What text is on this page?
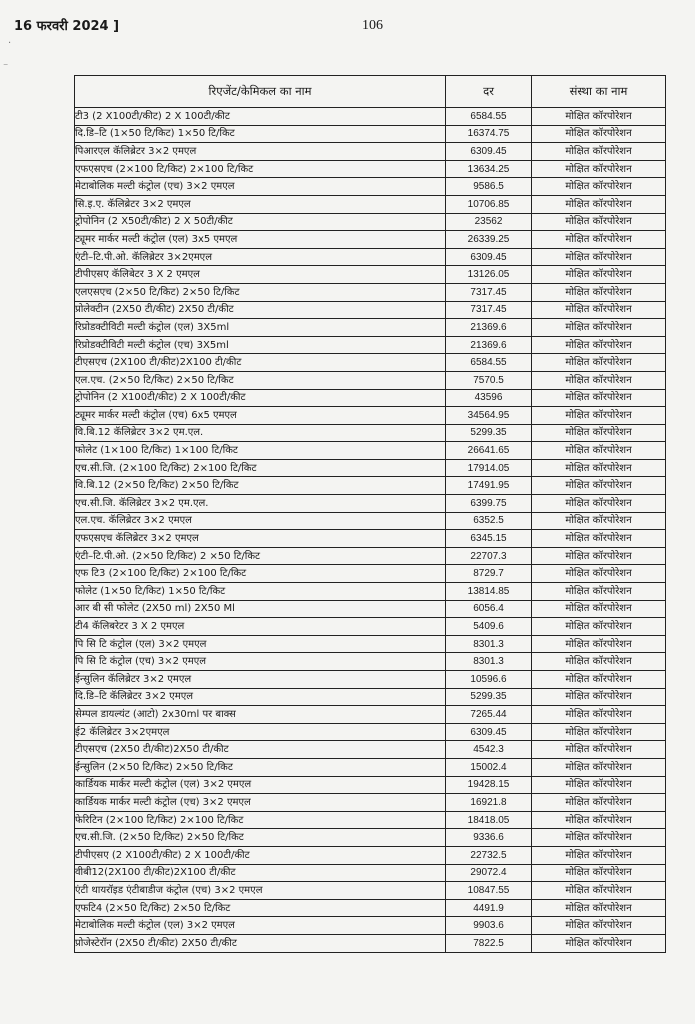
16 फरवरी 2024 ]	106
·
⁻
रिएजेंट/केमिकल का नाम	दर	संस्था का नाम
टी3 (2 X100टी/कीट) 2 X 100टी/कीट	6584.55	मोक्षित कॉरपोरेशन
दि.डि–टि (1×50 टि/किट) 1×50 टि/किट	16374.75	मोक्षित कॉरपोरेशन
पिआरएल कॅलिब्रेटर 3×2 एमएल	6309.45	मोक्षित कॉरपोरेशन
एफएसएच (2×100 टि/किट) 2×100 टि/किट	13634.25	मोक्षित कॉरपोरेशन
मेटाबोलिक मल्टी कंट्रोल (एच) 3×2 एमएल	9586.5	मोक्षित कॉरपोरेशन
सि.इ.ए. कॅलिब्रेटर 3×2 एमएल	10706.85	मोक्षित कॉरपोरेशन
ट्रोपोनिन (2 X50टी/कीट) 2 X 50टी/कीट	23562	मोक्षित कॉरपोरेशन
ट्यूमर मार्कर मल्टी कंट्रोल (एल) 3x5 एमएल	26339.25	मोक्षित कॉरपोरेशन
एंटी–टि.पी.ओ. कॅलिब्रेटर 3×2एमएल	6309.45	मोक्षित कॉरपोरेशन
टीपीएसए कॅलिबेटर 3 X 2 एमएल	13126.05	मोक्षित कॉरपोरेशन
एलएसएच (2×50 टि/किट) 2×50 टि/किट	7317.45	मोक्षित कॉरपोरेशन
प्रोलेक्टीन (2X50 टी/कीट) 2X50 टी/कीट	7317.45	मोक्षित कॉरपोरेशन
रिप्रोडक्टीविटी मल्टी कंट्रोल (एल) 3X5ml	21369.6	मोक्षित कॉरपोरेशन
रिप्रोडक्टीविटी मल्टी कंट्रोल (एच) 3X5ml	21369.6	मोक्षित कॉरपोरेशन
टीएसएच (2X100 टी/कीट)2X100 टी/कीट	6584.55	मोक्षित कॉरपोरेशन
एल.एच. (2×50 टि/किट) 2×50 टि/किट	7570.5	मोक्षित कॉरपोरेशन
ट्रोपोनिन (2 X100टी/कीट) 2 X 100टी/कीट	43596	मोक्षित कॉरपोरेशन
ट्यूमर मार्कर मल्टी कंट्रोल (एच) 6x5 एमएल	34564.95	मोक्षित कॉरपोरेशन
वि.बि.12 कॅलिब्रेटर 3×2 एम.एल.	5299.35	मोक्षित कॉरपोरेशन
फोलेट (1×100 टि/किट) 1×100 टि/किट	26641.65	मोक्षित कॉरपोरेशन
एच.सी.जि. (2×100 टि/किट) 2×100 टि/किट	17914.05	मोक्षित कॉरपोरेशन
वि.बि.12 (2×50 टि/किट) 2×50 टि/किट	17491.95	मोक्षित कॉरपोरेशन
एच.सी.जि. कॅलिब्रेटर 3×2 एम.एल.	6399.75	मोक्षित कॉरपोरेशन
एल.एच. कॅलिब्रेटर 3×2 एमएल	6352.5	मोक्षित कॉरपोरेशन
एफएसएच कॅलिब्रेटर 3×2 एमएल	6345.15	मोक्षित कॉरपोरेशन
एंटी–टि.पी.ओ. (2×50 टि/किट) 2 ×50 टि/किट	22707.3	मोक्षित कॉरपोरेशन
एफ टि3 (2×100 टि/किट) 2×100 टि/किट	8729.7	मोक्षित कॉरपोरेशन
फोलेट (1×50 टि/किट) 1×50 टि/किट	13814.85	मोक्षित कॉरपोरेशन
आर बी सी फोलेट (2X50 ml) 2X50 Ml	6056.4	मोक्षित कॉरपोरेशन
टी4 कॅलिबरेटर 3 X 2 एमएल	5409.6	मोक्षित कॉरपोरेशन
पि सि टि कंट्रोल (एल) 3×2 एमएल	8301.3	मोक्षित कॉरपोरेशन
पि सि टि कंट्रोल (एच) 3×2 एमएल	8301.3	मोक्षित कॉरपोरेशन
ईन्सुलिन कॅलिब्रेटर 3×2 एमएल	10596.6	मोक्षित कॉरपोरेशन
दि.डि–टि कॅलिब्रेटर 3×2 एमएल	5299.35	मोक्षित कॉरपोरेशन
सेम्पल डायल्यंट (आटो) 2x30ml पर बाक्स	7265.44	मोक्षित कॉरपोरेशन
ई2 कॅलिब्रेटर 3×2एमएल	6309.45	मोक्षित कॉरपोरेशन
टीएसएच (2X50 टी/कीट)2X50 टी/कीट	4542.3	मोक्षित कॉरपोरेशन
ईन्सुलिन (2×50 टि/किट) 2×50 टि/किट	15002.4	मोक्षित कॉरपोरेशन
कार्डियक मार्कर मल्टी कंट्रोल (एल) 3×2 एमएल	19428.15	मोक्षित कॉरपोरेशन
कार्डियक मार्कर मल्टी कंट्रोल (एच) 3×2 एमएल	16921.8	मोक्षित कॉरपोरेशन
फेरिटिन (2×100 टि/किट) 2×100 टि/किट	18418.05	मोक्षित कॉरपोरेशन
एच.सी.जि. (2×50 टि/किट) 2×50 टि/किट	9336.6	मोक्षित कॉरपोरेशन
टीपीएसए (2 X100टी/कीट) 2 X 100टी/कीट	22732.5	मोक्षित कॉरपोरेशन
वीबी12(2X100 टी/कीट)2X100 टी/कीट	29072.4	मोक्षित कॉरपोरेशन
एंटी थायरॉइड एंटीबाडीज कंट्रोल (एच) 3×2 एमएल	10847.55	मोक्षित कॉरपोरेशन
एफटि4 (2×50 टि/किट) 2×50 टि/किट	4491.9	मोक्षित कॉरपोरेशन
मेटाबोलिक मल्टी कंट्रोल (एल) 3×2 एमएल	9903.6	मोक्षित कॉरपोरेशन
प्रोजेस्टेरॉन (2X50 टी/कीट) 2X50 टी/कीट	7822.5	मोक्षित कॉरपोरेशन
